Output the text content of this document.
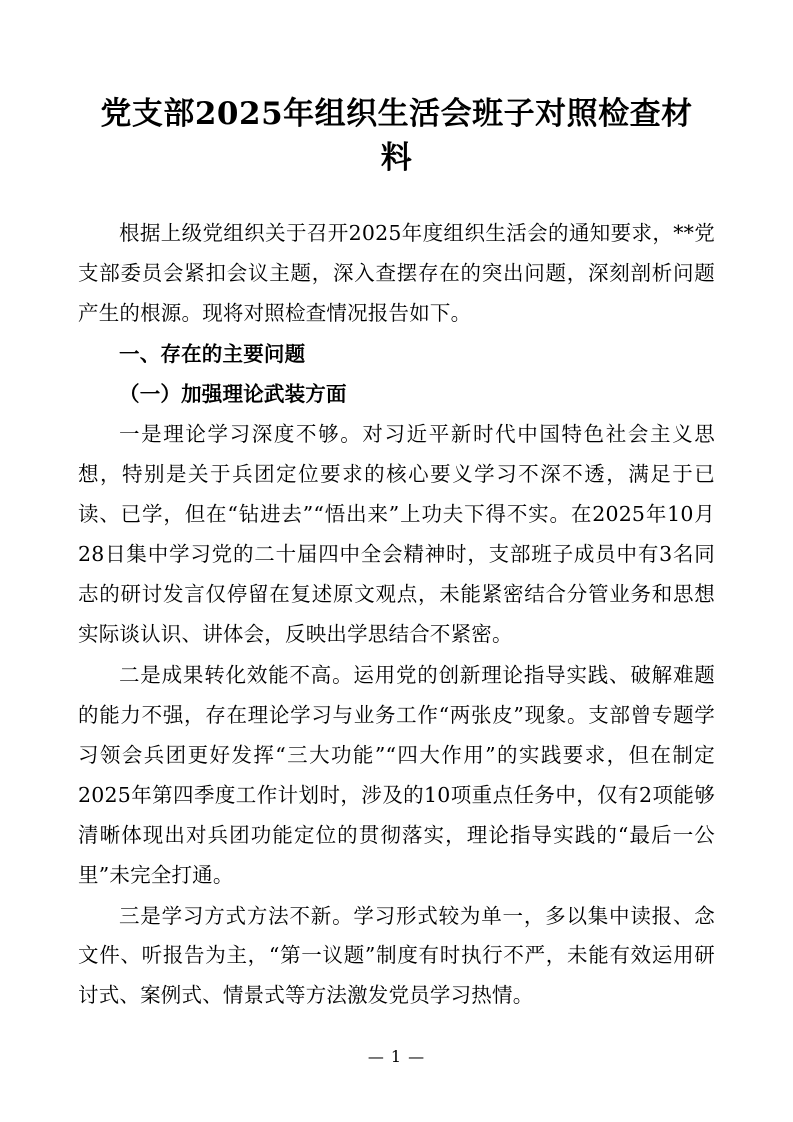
党支部2025年组织生活会班子对照检查材料

根据上级党组织关于召开2025年度组织生活会的通知要求，**党支部委员会紧扣会议主题，深入查摆存在的突出问题，深刻剖析问题产生的根源。现将对照检查情况报告如下。

一、存在的主要问题

（一）加强理论武装方面

一是理论学习深度不够。对习近平新时代中国特色社会主义思想，特别是关于兵团定位要求的核心要义学习不深不透，满足于已读、已学，但在“钻进去”“悟出来”上功夫下得不实。在2025年10月28日集中学习党的二十届四中全会精神时，支部班子成员中有3名同志的研讨发言仅停留在复述原文观点，未能紧密结合分管业务和思想实际谈认识、讲体会，反映出学思结合不紧密。

二是成果转化效能不高。运用党的创新理论指导实践、破解难题的能力不强，存在理论学习与业务工作“两张皮”现象。支部曾专题学习领会兵团更好发挥“三大功能”“四大作用”的实践要求，但在制定2025年第四季度工作计划时，涉及的10项重点任务中，仅有2项能够清晰体现出对兵团功能定位的贯彻落实，理论指导实践的“最后一公里”未完全打通。

三是学习方式方法不新。学习形式较为单一，多以集中读报、念文件、听报告为主，“第一议题”制度有时执行不严，未能有效运用研讨式、案例式、情景式等方法激发党员学习热情。

— 1 —
